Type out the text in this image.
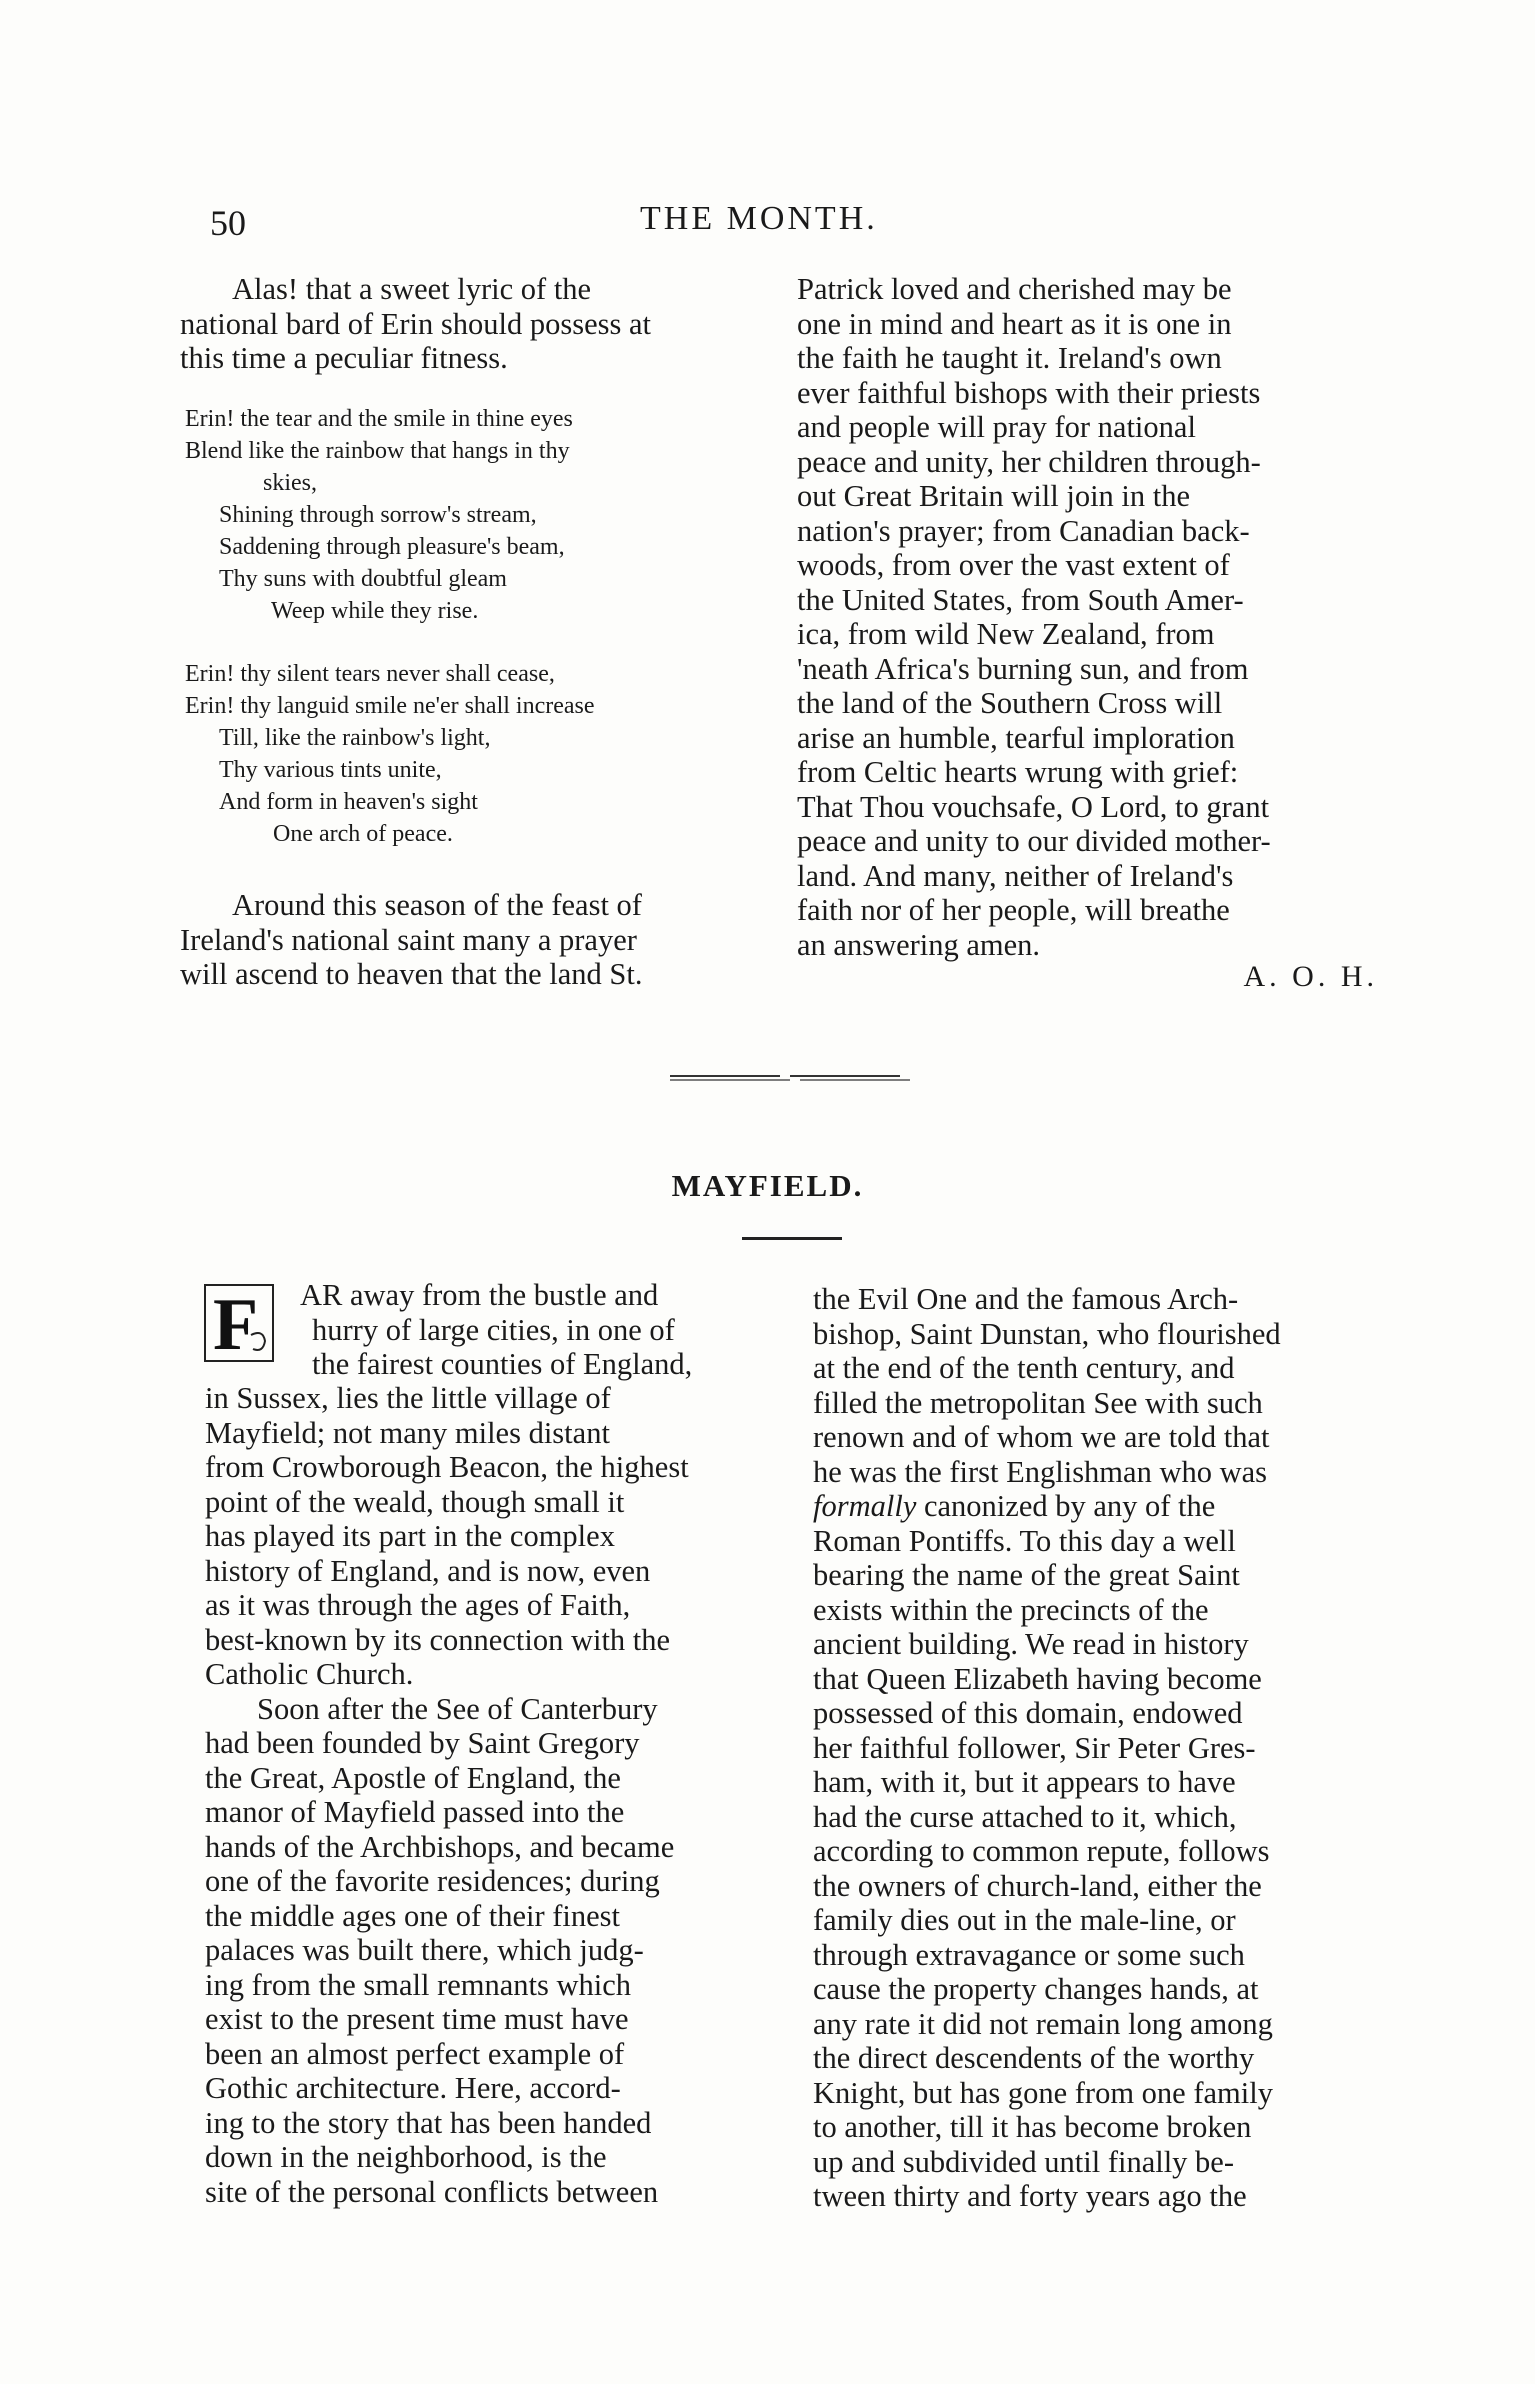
50	THE MONTH.
Alas! that a sweet lyric of the
national bard of Erin should possess at
this time a peculiar fitness.
Erin! the tear and the smile in thine eyes
Blend like the rainbow that hangs in thy
skies,
Shining through sorrow's stream,
Saddening through pleasure's beam,
Thy suns with doubtful gleam
Weep while they rise.
Erin! thy silent tears never shall cease,
Erin! thy languid smile ne'er shall increase
Till, like the rainbow's light,
Thy various tints unite,
And form in heaven's sight
One arch of peace.
Around this season of the feast of
Ireland's national saint many a prayer
will ascend to heaven that the land St.
Patrick loved and cherished may be
one in mind and heart as it is one in
the faith he taught it. Ireland's own
ever faithful bishops with their priests
and people will pray for national
peace and unity, her children through-
out Great Britain will join in the
nation's prayer; from Canadian back-
woods, from over the vast extent of
the United States, from South Amer-
ica, from wild New Zealand, from
'neath Africa's burning sun, and from
the land of the Southern Cross will
arise an humble, tearful imploration
from Celtic hearts wrung with grief:
That Thou vouchsafe, O Lord, to grant
peace and unity to our divided mother-
land. And many, neither of Ireland's
faith nor of her people, will breathe
an answering amen.
A. O. H.
MAYFIELD.
F AR away from the bustle and
hurry of large cities, in one of
the fairest counties of England,
in Sussex, lies the little village of
Mayfield; not many miles distant
from Crowborough Beacon, the highest
point of the weald, though small it
has played its part in the complex
history of England, and is now, even
as it was through the ages of Faith,
best-known by its connection with the
Catholic Church.
Soon after the See of Canterbury
had been founded by Saint Gregory
the Great, Apostle of England, the
manor of Mayfield passed into the
hands of the Archbishops, and became
one of the favorite residences; during
the middle ages one of their finest
palaces was built there, which judg-
ing from the small remnants which
exist to the present time must have
been an almost perfect example of
Gothic architecture. Here, accord-
ing to the story that has been handed
down in the neighborhood, is the
site of the personal conflicts between
the Evil One and the famous Arch-
bishop, Saint Dunstan, who flourished
at the end of the tenth century, and
filled the metropolitan See with such
renown and of whom we are told that
he was the first Englishman who was
formally canonized by any of the
Roman Pontiffs. To this day a well
bearing the name of the great Saint
exists within the precincts of the
ancient building. We read in history
that Queen Elizabeth having become
possessed of this domain, endowed
her faithful follower, Sir Peter Gres-
ham, with it, but it appears to have
had the curse attached to it, which,
according to common repute, follows
the owners of church-land, either the
family dies out in the male-line, or
through extravagance or some such
cause the property changes hands, at
any rate it did not remain long among
the direct descendents of the worthy
Knight, but has gone from one family
to another, till it has become broken
up and subdivided until finally be-
tween thirty and forty years ago the
